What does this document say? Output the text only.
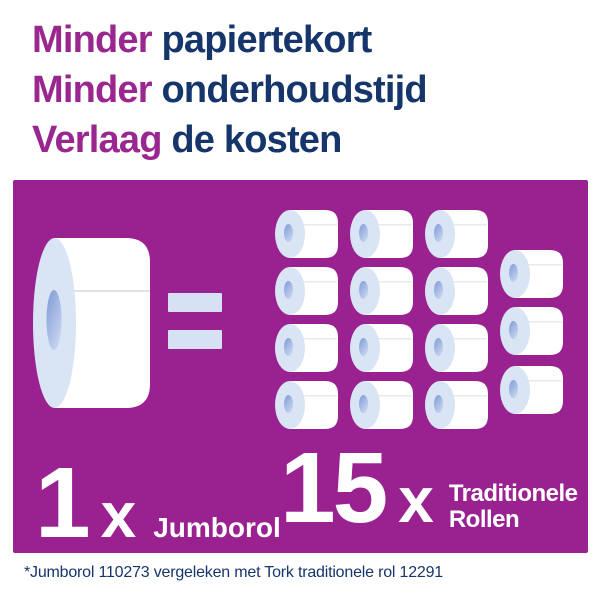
Minder papiertekort
Minder onderhoudstijd
Verlaag de kosten
1 x Jumborol 15 x Traditionele
Rollen
*Jumborol 110273 vergeleken met Tork traditionele rol 12291
